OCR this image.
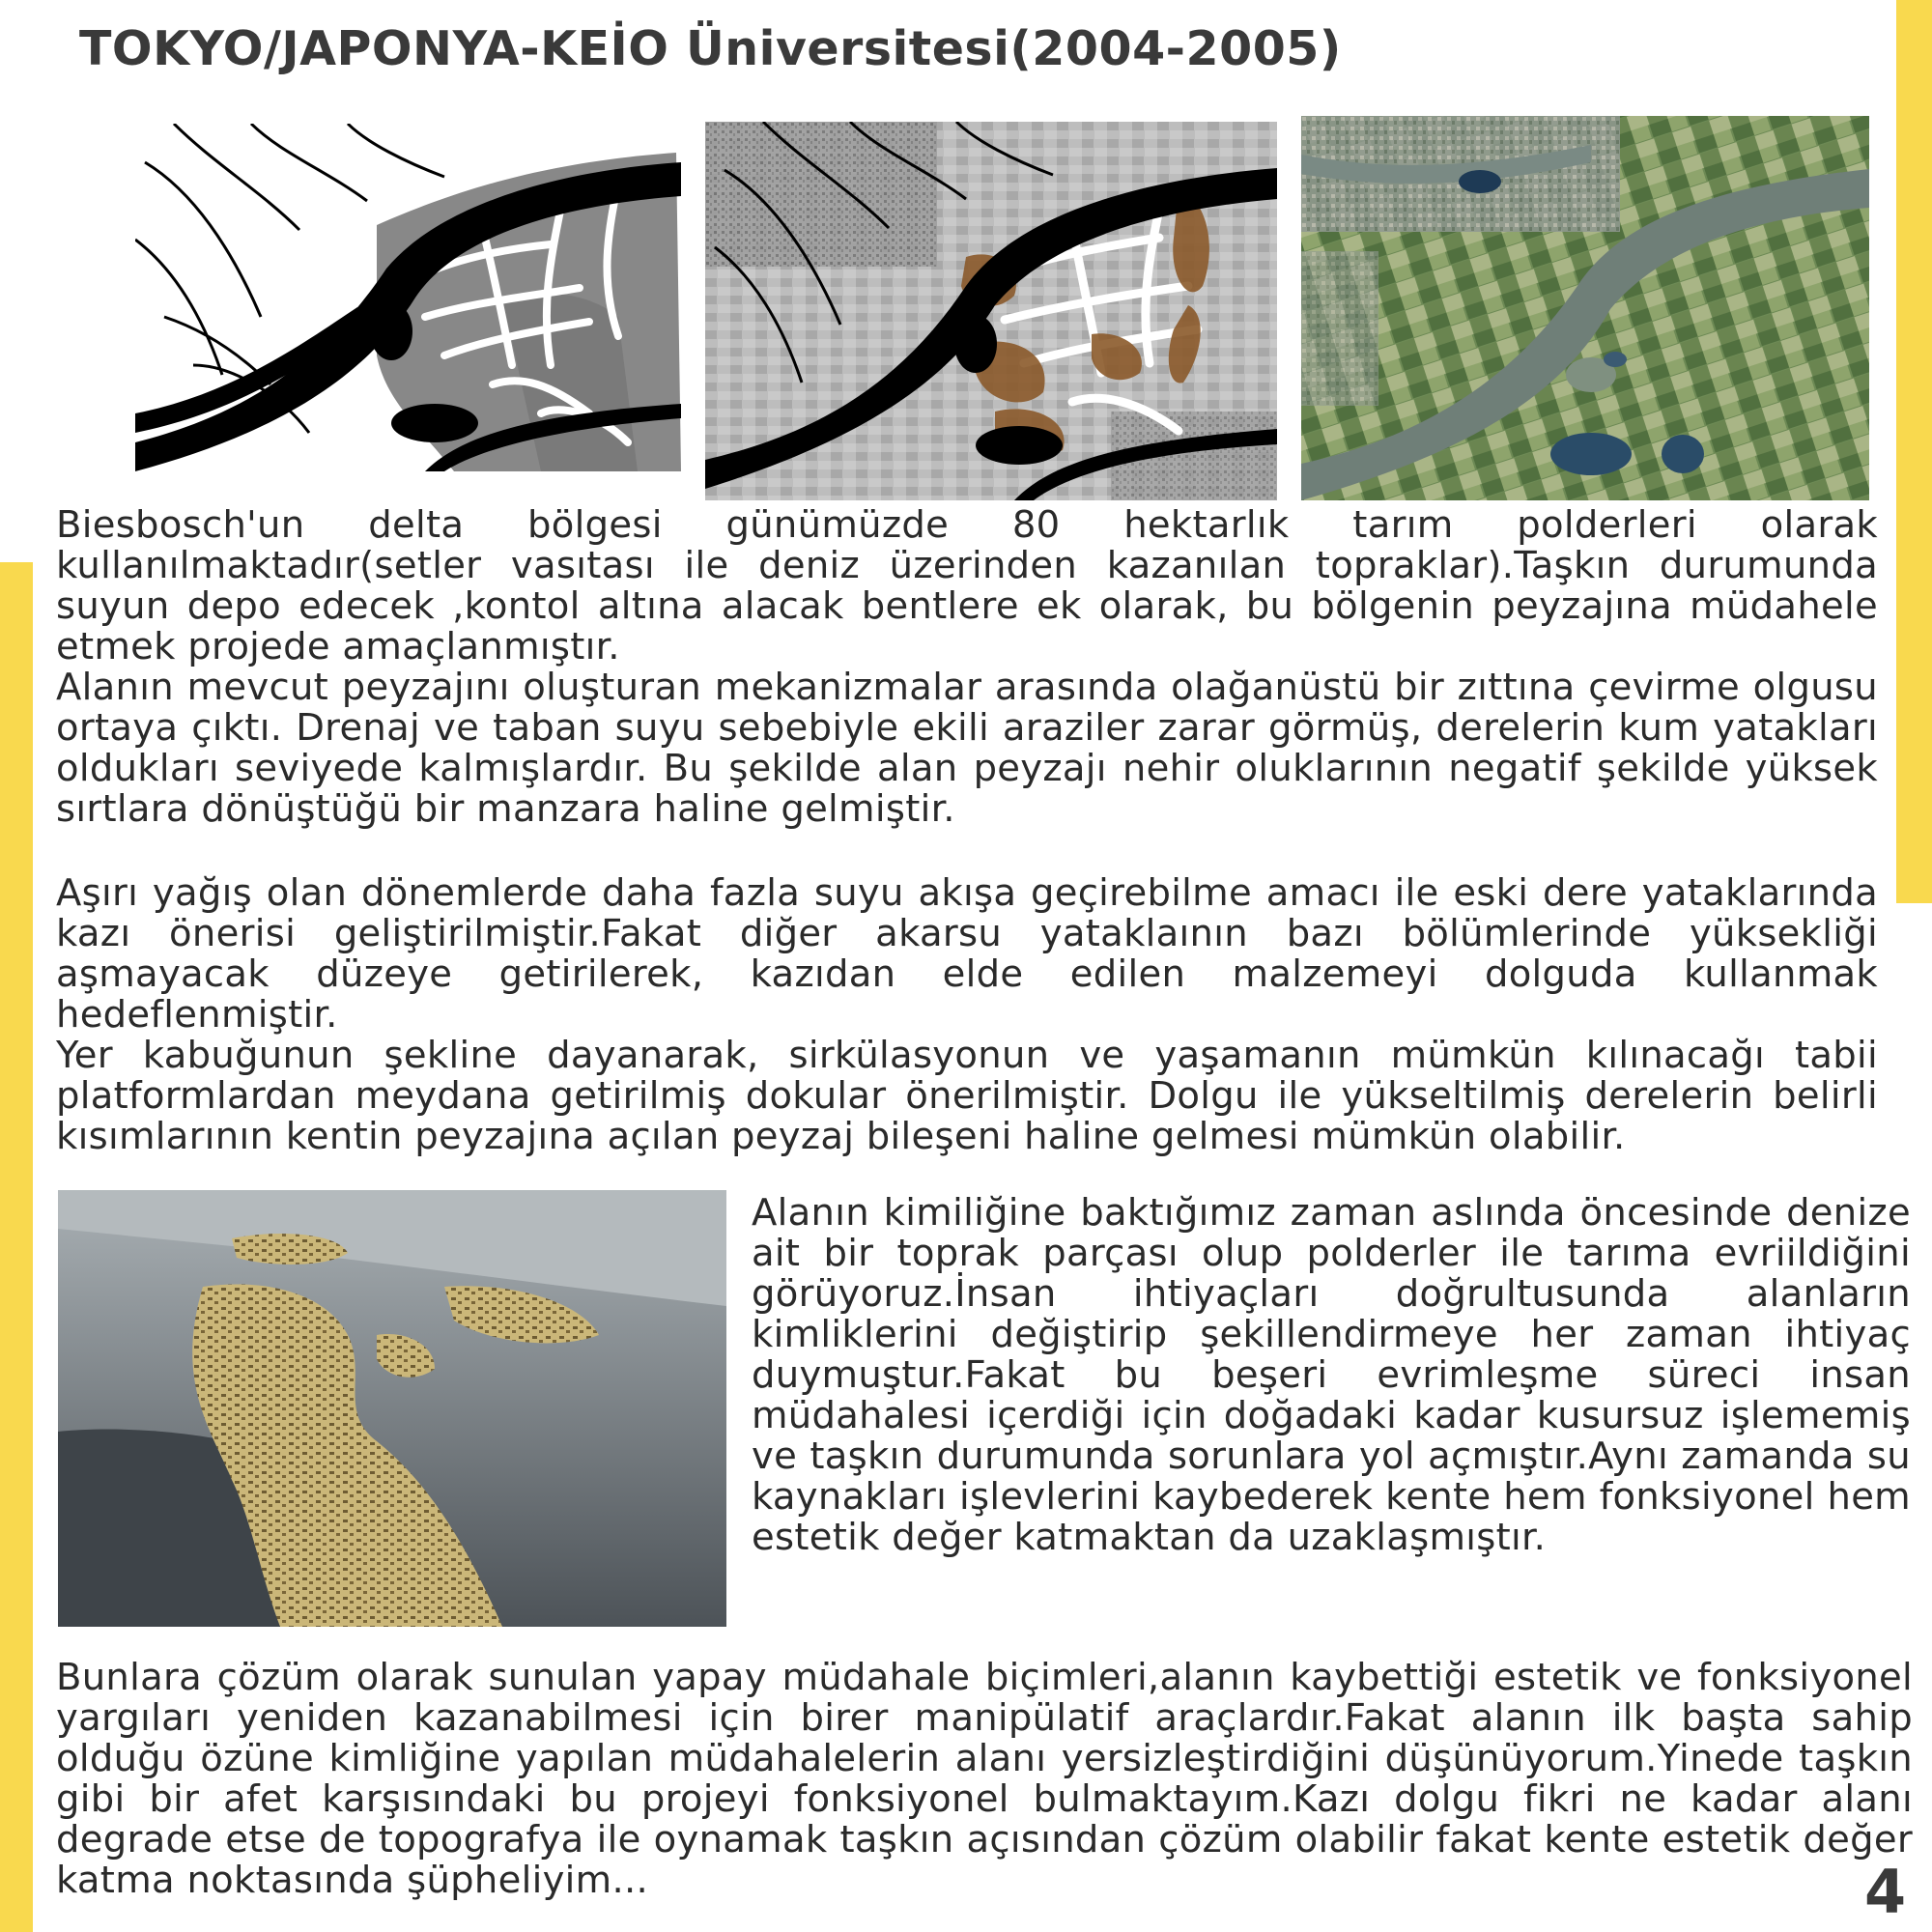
TOKYO/JAPONYA-KEİO Üniversitesi(2004-2005)

Biesbosch'un delta bölgesi günümüzde 80 hektarlık tarım polderleri olarak kullanılmaktadır(setler vasıtası ile deniz üzerinden kazanılan topraklar).Taşkın durumunda suyun depo edecek ,kontol altına alacak bentlere ek olarak, bu bölgenin peyzajına müdahele etmek projede amaçlanmıştır.
Alanın mevcut peyzajını oluşturan mekanizmalar arasında olağanüstü bir zıttına çevirme olgusu ortaya çıktı. Drenaj ve taban suyu sebebiyle ekili araziler zarar görmüş, derelerin kum yatakları oldukları seviyede kalmışlardır. Bu şekilde alan peyzajı nehir oluklarının negatif şekilde yüksek sırtlara dönüştüğü bir manzara haline gelmiştir.

Aşırı yağış olan dönemlerde daha fazla suyu akışa geçirebilme amacı ile eski dere yataklarında kazı önerisi geliştirilmiştir.Fakat diğer akarsu yataklaının bazı bölümlerinde yüksekliği aşmayacak düzeye getirilerek, kazıdan elde edilen malzemeyi dolguda kullanmak hedeflenmiştir.
Yer kabuğunun şekline dayanarak, sirkülasyonun ve yaşamanın mümkün kılınacağı tabii platformlardan meydana getirilmiş dokular önerilmiştir. Dolgu ile yükseltilmiş derelerin belirli kısımlarının kentin peyzajına açılan peyzaj bileşeni haline gelmesi mümkün olabilir.

Alanın kimiliğine baktığımız zaman aslında öncesinde denize ait bir toprak parçası olup polderler ile tarıma evriildiğini görüyoruz.İnsan ihtiyaçları doğrultusunda alanların kimliklerini değiştirip şekillendirmeye her zaman ihtiyaç duymuştur.Fakat bu beşeri evrimleşme süreci insan müdahalesi içerdiği için doğadaki kadar kusursuz işlememiş ve taşkın durumunda sorunlara yol açmıştır.Aynı zamanda su kaynakları işlevlerini kaybederek kente hem fonksiyonel hem estetik değer katmaktan da uzaklaşmıştır.

Bunlara çözüm olarak sunulan yapay müdahale biçimleri,alanın kaybettiği estetik ve fonksiyonel yargıları yeniden kazanabilmesi için birer manipülatif araçlardır.Fakat alanın ilk başta sahip olduğu özüne kimliğine yapılan müdahalelerin alanı yersizleştirdiğini düşünüyorum.Yinede taşkın gibi bir afet karşısındaki bu projeyi fonksiyonel bulmaktayım.Kazı dolgu fikri ne kadar alanı degrade etse de topografya ile oynamak taşkın açısından çözüm olabilir fakat kente estetik değer katma noktasında şüpheliyim...	4
